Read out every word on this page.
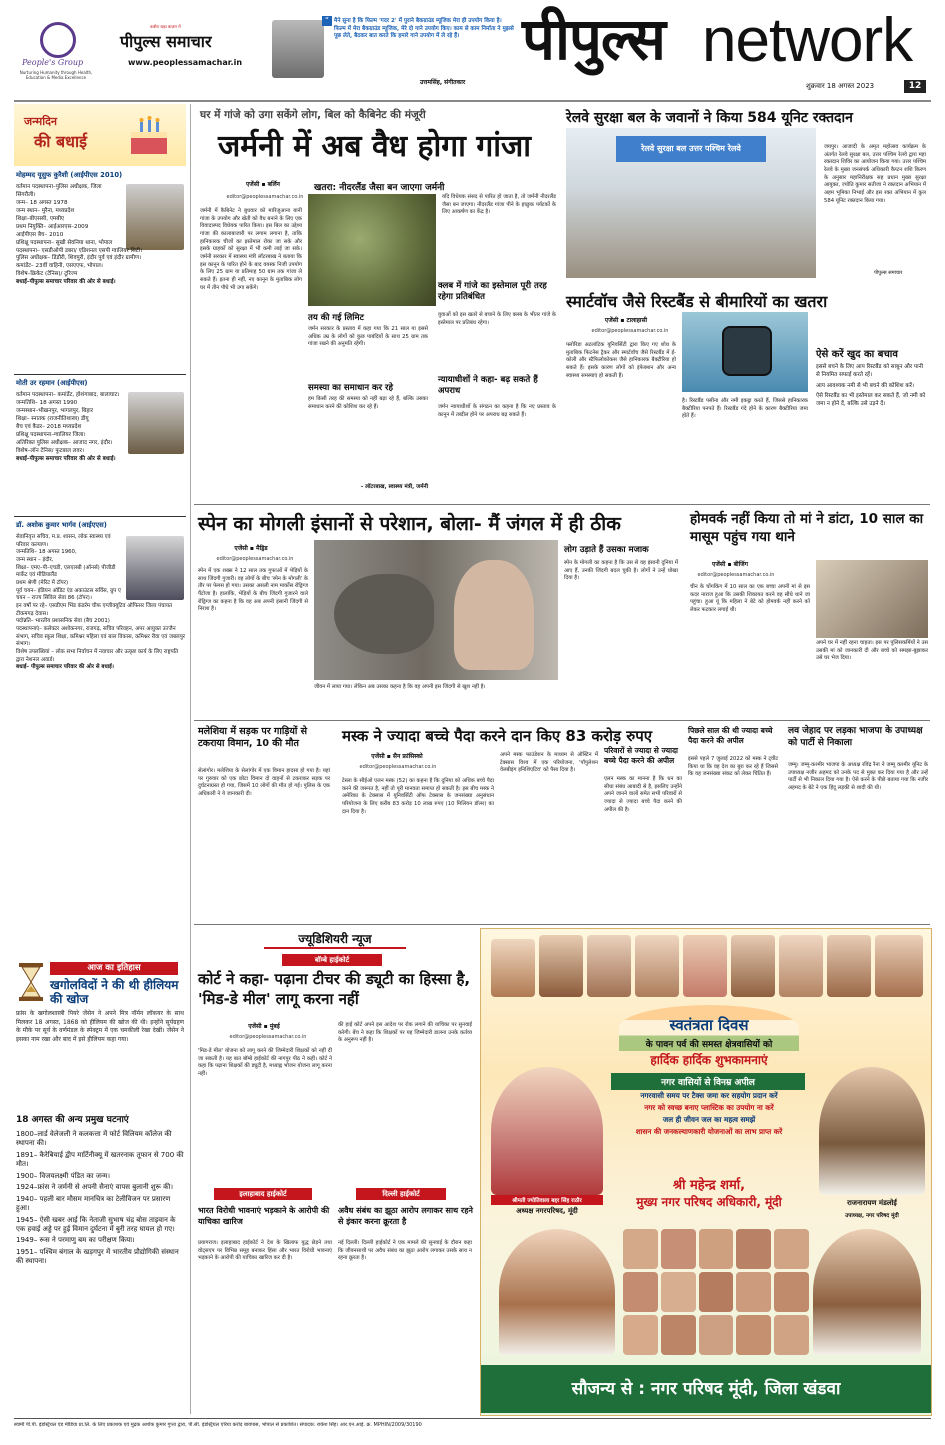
People's Group
Nurturing Humanity through Health, Education & Media Excellence
कबीरा खड़ा बाज़ार में
पीपुल्स समाचार
www.peoplessamachar.in
“ मैने सुना है कि फिल्म 'गदर 2' में पुराने बैकग्राउंड म्यूजिक मेरा ही उपयोग किया है। फिल्म में मेरा बैकग्राउंड म्यूजिक, मेरे दो गाने उपयोग किए। काम से काम निर्माता ने मुझसे पूछ लेते, बैठकर बात करते कि हमारे गाने उपयोग में ले रहे हैं।
उत्तमसिंह, संगीतकार
पीपुल्स network
शुक्रवार 18 अगस्त 2023	12
जन्मदिन
की बधाई
मोहम्मद यूसुफ कुरैशी (आईपीएस 2010)
वर्तमान पदस्थापना–पुलिस अधीक्षक, जिला सिंगरौली।
जन्म– 18 अगस्त 1978
जन्म स्थान– मुरैना, मध्यप्रदेश
शिक्षा–बीएससी, एमबीए
प्रथम नियुक्ति– आईआरएस–2009
आईपीएस बैच– 2010
प्रशिक्षु पदस्थापना– सुखी सेवनिया थाना, भोपाल
पदस्थापना– एसडीओपी डबरा/ एडिशनल एसपी ग्वालियर सिटी।
पुलिस अधीक्षक– डिंडौरी, शिवपुरी, इंदौर पूर्व एवं इंदौर ग्रामीण।
कमांडेंट– 23वीं वाहिनी, एसएएफ, भोपाल।
विशेष–क्रिकेट (टेनिस)/ टूरिज्म
बधाई–पीपुल्स समाचार परिवार की ओर से बधाई।
मोती उर रहमान (आईपीएस)
वर्तमान पदस्थापना– कमांडेंट, होशंगाबाद, बालाघाट।
जन्मतिथि– 18 अगस्त 1990
जन्मस्थान–भीखनपुर, भागलपुर, बिहार
शिक्षा– स्नातक (राजनीतिशास्त्र) डीयू
बैच एवं कैडर– 2018 मध्यप्रदेश
प्रशिक्षु पदस्थापना–ग्वालियर जिला।
अतिरिक्त पुलिस अधीक्षक– आजाद नगर, इंदौर।
विशेष–लॉन टेनिस/ फुटबाल लवर।
बधाई–पीपुल्स समाचार परिवार की ओर से बधाई।
डॉ. अशोक कुमार भार्गव (आईएएस)
सेवानिवृत्त सचिव, म.प्र. शासन, लोक स्वास्थ्य एवं परिवार कल्याण।
जन्मतिथि– 18 अगस्त 1960,
जन्म स्थान – इंदौर,
शिक्षा– एमए–पी–एचडी, एलएलबी (ऑनर्स) पीजीडी मार्केट एवं मीडियालैंड
प्रथम श्रेणी (मेरिट में टॉपर)
पूर्व चयन– इंडियन ऑडिट एंड अकाउंटस सर्विस, ग्रुप ए
चयन – राज्य सिविल सेवा 86 (टॉपर)।
इन वर्षों पर रहे– एसडीएम भिंड कंडर्रम चीफ एग्जीक्यूटिव ऑफिसर जिला पंचायत टीकमगढ़ देवास।
पदोन्नति– भारतीय प्रशासनिक सेवा (बैच 2001)
पदस्थापनाएं– कलेक्टर अशोकनगर, राजगढ़, सचिव परिवहन, अपर आयुक्त उज्जैन संभाग, सचिव स्कूल शिक्षा, कमिश्नर महिला एवं बाल विकास, कमिश्नर रीवा एवं जबलपुर संभाग।
विशेष उपलब्धियां – लोक सभा निर्वाचन में नवाचार और उत्कृष्ट कार्य के लिए राष्ट्रपति द्वारा नेशनल अवार्ड।
बधाई– पीपुल्स समाचार परिवार की ओर से बधाई।
आज का इतिहास
खगोलविदों ने की थी हीलियम की खोज
फ्रांस के खगोलशास्त्री पियरे जेंसेन ने अपने मित्र नॉर्मन लॉकयर के साथ मिलकर 18 अगस्त, 1868 को हीलियम की खोज की थी। इन्होंने सूर्यग्रहण के मौके पर सूर्य के वर्णमंडल के स्पेक्ट्रम में एक चमकीली रेखा देखी। जेंसेन ने इसका नाम रखा और बाद में इसे हीलियम कहा गया।
18 अगस्त की अन्य प्रमुख घटनाएं
1800–लार्ड वेलेजली ने कलकत्ता में फोर्ट विलियम कॉलेज की स्थापना की।
1891– कैरेबियाई द्वीप मार्टिनीक्यू में खतरनाक तूफान से 700 की मौत।
1900– विजयलक्ष्मी पंडित का जन्म।
1924–फ्रांस ने जर्मनी से अपनी सैनाएं वापस बुलानी शुरू की।
1940– पहली बार मौसम मानचित्र का टेलीविजन पर प्रसारण हुआ।
1945– ऐसी खबर आई कि नेताजी सुभाष चंद्र बोस ताइवान के एक हवाई अड्डे पर हुई विमान दुर्घटना में बुरी तरह घायल हो गए।
1949– रूस ने परमाणु बम का परीक्षण किया।
1951– पश्चिम बंगाल के खड़गपुर में भारतीय प्रौद्योगिकी संस्थान की स्थापना।
घर में गांजे को उगा सकेंगे लोग, बिल को कैबिनेट की मंजूरी
जर्मनी में अब वैध होगा गांजा
एजेंसी ▪ बर्लिन
editor@peoplessamachar.co.in
जर्मनी में कैबिनेट ने बुधवार को मारिजुआना यानी गांजा के उपयोग और खेती को वैध बनाने के लिए एक विवादास्पद विधेयक पारित किया। इस बिल का उद्देश्य गांजा की कालाबाजारी पर लगाम लगाना है, ताकि हानिकारक चीजों का इस्तेमाल रोका जा सके और इसके ग्राहकों को सुरक्षा में भी कमी लाई जा सके। जर्मनी सरकार में स्वास्थ्य मंत्री लॉटरबाख ने बताया कि इस कानून के पारित होने के बाद वयस्क निजी उपयोग के लिए 25 ग्राम या प्रतिमाह 50 ग्राम तक गांजा ले सकते हैं। इतना ही नहीं, नए कानून के मुताबिक लोग घर में तीन पौधे भी उगा सकेंगे।
खतरा: नीदरलैंड जैसा बन जाएगा जर्मनी
यदि विधेयक संसद से पारित हो जाता है, तो जर्मनी नीदरलैंड जैसा बन जाएगा। नीदरलैंड गांजा पीने के इच्छुक पर्यटकों के लिए आकर्षण का केंद्र है।
तय की गई लिमिट
जर्मन सरकार के प्रस्ताव में कहा गया कि 21 साल या इससे अधिक उम्र के लोगों को कुछ पाबंदियों के साथ 25 ग्राम तक गांजा रखने की अनुमति रहेगी।
समस्या का समाधान कर रहे
हम किसी तरह की समस्या को नहीं बढ़ा रहे हैं, बल्कि उसका समाधान करने की कोशिश कर रहे हैं।
– लॉटरबाख, स्वास्थ्य मंत्री, जर्मनी
क्लब में गांजे का इस्तेमाल पूरी तरह रहेगा प्रतिबंधित
युवाओं को इस खतरे से बचाने के लिए क्लब के भीतर गांजे के इस्तेमाल पर प्रतिबंध रहेगा।
न्यायाधीशों ने कहा- बढ़ सकते हैं अपराध
जर्मन न्यायाधीशों के संगठन का कहना है कि नए प्रस्ताव के कानून में तब्दील होने पर अपराध बढ़ सकते हैं।
रेलवे सुरक्षा बल के जवानों ने किया 584 यूनिट रक्तदान
रेलवे सुरक्षा बल उत्तर पश्चिम रेलवे	जयपुर। आजादी के अमृत महोत्सव कार्यक्रम के अंतर्गत रेलवे सुरक्षा बल, उत्तर पश्चिम रेलवे द्वारा महा रक्तदान शिविर का आयोजन किया गया। उत्तर पश्चिम रेलवे के मुख्य जनसंपर्क अधिकारी कैप्टन शशि किरण के अनुसार महानिरीक्षक सह प्रधान मुख्य सुरक्षा आयुक्त, ज्योति कुमार सतीजा ने रक्तदान अभियान में अहम भूमिका निभाई और इस रक्त अभियान में कुल 584 यूनिट रक्तदान किया गया।
पीपुल्स समाचार
स्मार्टवॉच जैसे रिस्टबैंड से बीमारियों का खतरा
एजेंसी ▪ टालाहासी
editor@peoplessamachar.co.in
फ्लोरिडा अटलांटिक यूनिवर्सिटी द्वारा किए गए शोध के मुताबिक फिटनेस ट्रैकर और स्मार्टवॉच जैसे रिस्टबैंड में ई-कोली और स्टैफिलोकोकस जैसे हानिकारक बैक्टीरिया हो सकते हैं। इसके कारण लोगों को इंफेक्शन और अन्य स्वास्थ्य समस्याएं हो सकती हैं।
है। रिस्टबैंड पसीना और नमी इकट्ठा करते हैं, जिससे हानिकारक बैक्टीरिया पनपते हैं। रिस्टबैंड गंदे होने के कारण बैक्टीरिया जमा होते हैं।
ऐसे करें खुद का बचाव
इससे बचने के लिए आप रिस्टबैंड को साबुन और पानी से नियमित सफाई करते रहें।
आप आवश्यक नमी से भी बचने की कोशिश करें।
ऐसे रिस्टबैंड का भी इस्तेमाल कर सकते हैं, जो नमी को जमा न होने दें, बल्कि उसे उड़ने दें।
स्पेन का मोगली इंसानों से परेशान, बोला- मैं जंगल में ही ठीक
एजेंसी ▪ मैड्रिड
editor@peoplessamachar.co.in
स्पेन में एक शख्स ने 12 साल तक गुफाओं में भेड़ियों के साथ जिंदगी गुजारी। वह लोगों के बीच 'स्पेन के मोगली' के तौर पर फेमस हो गया। उसका असली नाम मार्कोस रोड्रिग्ज पैंटोजा है। हालांकि, भेड़ियों के बीच जिंदगी गुजारने वाले रोड्रिग्ज का कहना है कि वह अब अपनी इंसानी जिंदगी से निराश है।
जीवन में लाया गया। लेकिन अब उसका कहना है कि वह अपनी इस जिंदगी से खुश नहीं है।
लोग उड़ाते हैं उसका मजाक
स्पेन के मोगली का कहना है कि उस से वह इंसानी दुनिया में आए हैं, उनकी जिंदगी बदल चुकी है। लोगों ने उन्हें धोखा दिया है।
होमवर्क नहीं किया तो मां ने डांटा, 10 साल का मासूम पहुंच गया थाने
एजेंसी ▪ बीजिंग
editor@peoplessamachar.co.in
चीन के चोंगकिंग में 10 साल का एक बच्चा अपनी मां से इस कदर नाराज हुआ कि उसकी शिकायत करने वह सीधे थाने जा पहुंचा। हुआ यूं कि महिला ने बेटे को होमवर्क नहीं करने को लेकर फटकार लगाई थी।
अपने घर में नहीं रहना चाहता। इस पर पुलिसकर्मियों ने उस उसकी मां को जानकारी दी और बच्चे को समझा-बुझाकर उसे घर भेज दिया।
मलेशिया में सड़क पर गाड़ियों से टकराया विमान, 10 की मौत
सेलांगोर। मलेशिया के सेलांगोर में एक विमान हादसा हो गया है। यहां पर गुरुवार को एक छोटा विमान दो वाहनों से टकराकर सड़क पर दुर्घटनाग्रस्त हो गया, जिसमें 10 लोगों की मौत हो गई। पुलिस के एक अधिकारी ने ये जानकारी दी।
मस्क ने ज्यादा बच्चे पैदा करने दान किए 83 करोड़ रुपए
एजेंसी ▪ सैन फ्रांसिस्को
editor@peoplessamachar.co.in
टेस्ला के सीईओ एलन मस्क (52) का कहना है कि दुनिया को अधिक बच्चे पैदा करने की जरूरत है, नहीं तो पूरी मानवता समाप्त हो सकती है। इस बीच मस्क ने अमेरिका के टेक्सास में यूनिवर्सिटी ऑफ टेक्सास के जनसंख्या अनुसंधान परियोजना के लिए करीब 83 करोड़ 10 लाख रुपए (10 मिलियन डॉलर) का दान दिया है।
अपने मस्क फाउंडेशन के माध्यम से ऑस्टिन में टेक्सास विश्व में एक परियोजना, 'पॉपुलेशन वेलबीइंग इनिशिएटिव' को पैसा दिया है।
परिवारों से ज्यादा से ज्यादा बच्चे पैदा करने की अपील
एलन मस्क का मानना है कि धन का सीधा संबंध आबादी से है, इसलिए उन्होंने अपने जानने वालों समेत सभी परिवारों से ज्यादा से ज्यादा बच्चे पैदा करने की अपील की है।
पिछले साल की थी ज्यादा बच्चे पैदा करने की अपील
इससे पहले 7 जुलाई 2022 को मस्क ने ट्वीट किया था कि वह देश का बुरा कर रहे हैं जिससे कि वह जनसंख्या संकट को लेकर चिंतित हैं।
लव जेहाद पर लड़का भाजपा के उपाध्यक्ष को पार्टी से निकाला
जम्मू। जम्मू-कश्मीर भाजपा के अध्यक्ष रविंद्र रैना ने जम्मू कश्मीर यूनिट के उपाध्यक्ष नजीर अहमद को उनके पद से मुक्त कर दिया गया है और उन्हें पार्टी से भी निकाल दिया गया है। ऐसे करने के पीछे बताया गया कि नजीर अहमद के बेटे ने एक हिंदू लड़की से शादी की थी।
ज्यूडिशियरी न्यूज
बॉम्बे हाईकोर्ट
कोर्ट ने कहा- पढ़ाना टीचर की ड्यूटी का हिस्सा है, 'मिड-डे मील' लागू करना नहीं
एजेंसी ▪ मुंबई
editor@peoplessamachar.co.in
'मिड-डे मील' योजना को लागू करने की जिम्मेदारी शिक्षकों को नहीं दी जा सकती है। यह बात बॉम्बे हाईकोर्ट की नागपुर पीठ ने कही। कोर्ट ने कहा कि पढ़ाना शिक्षकों की ड्यूटी है, मध्याह्न भोजन योजना लागू करना नहीं।
की हाई कोर्ट अपने इस आदेश पर रोक लगाने की याचिका पर सुनवाई करेगी। बेंच ने कहा कि शिक्षकों पर यह जिम्मेदारी डालना उनके कर्तव्य के अनुरूप नहीं है।
इलाहाबाद हाईकोर्ट
भारत विरोधी भावनाएं भड़काने के आरोपी की याचिका खारिज
प्रयागराज। इलाहाबाद हाईकोर्ट ने देश के खिलाफ युद्ध छेड़ने तथा वोट्सएप पर विभिन्न समूह बनाकर हिंसा और भारत विरोधी भावनाएं भड़काने के आरोपी की याचिका खारिज कर दी है।
दिल्ली हाईकोर्ट
अवैध संबंध का झूठा आरोप लगाकर साथ रहने से इंकार करना क्रूरता है
नई दिल्ली। दिल्ली हाईकोर्ट ने एक मामले की सुनवाई के दौरान कहा कि जीवनसाथी पर अवैध संबंध का झूठा आरोप लगाकर उसके साथ न रहना क्रूरता है।
स्वतंत्रता दिवस
के पावन पर्व की समस्त क्षेत्रवासियों को
हार्दिक हार्दिक शुभकामनाएं
श्रीमती ज्योतिवाला बद्दर सिंह राठौर
अध्यक्ष नगरपरिषद, मूंदी
नगर वासियों से विनम्र अपील
नगरवासी समय पर टैक्स जमा कर सहयोग प्रदान करें
नगर को स्वच्छ बनाए प्लास्टिक का उपयोग ना करें
जल ही जीवन जल का महत्व समझें
शासन की जनकल्याणकारी योजनाओं का लाभ प्राप्त करें
राजनारायण मंडलोई
उपाध्यक्ष, नगर परिषद मूंदी
श्री महेन्द्र शर्मा,
मुख्य नगर परिषद अधिकारी, मूंदी
सौजन्य से : नगर परिषद मूंदी, जिला खंडवा
स्वामी पी.पी. इंडस्ट्रियल एंड मीडिया प्रा.लि. के लिए प्रकाशक एवं मुद्रक अशोक कुमार गुप्ता द्वारा, पी.सी. इंडस्ट्रियल एरिया करोंद बायपास, भोपाल से प्रकाशित। संपादक: राकेश सिंह। आर.एन.आई. क्र. MPHIN/2009/30190
